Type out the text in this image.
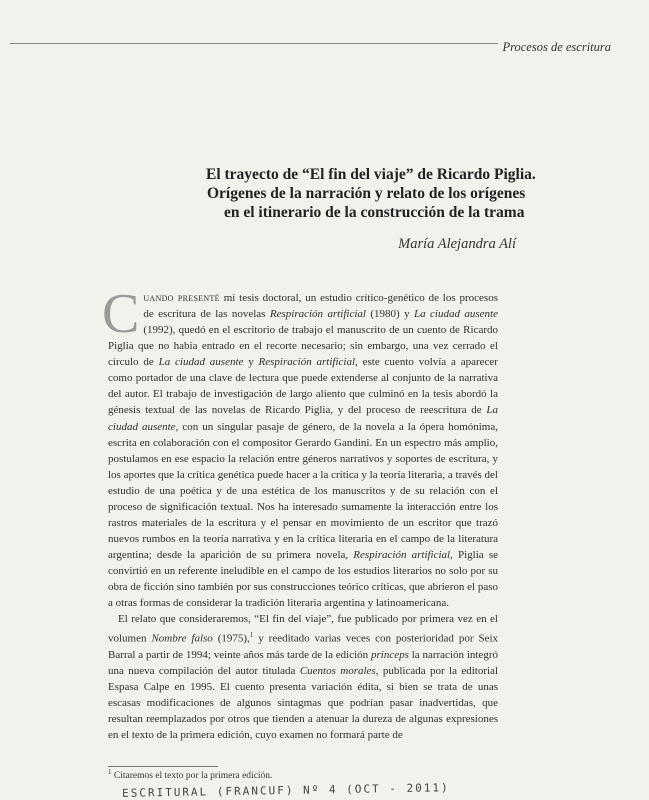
Procesos de escritura
El trayecto de “El fin del viaje” de Ricardo Piglia.
Orígenes de la narración y relato de los orígenes
en el itinerario de la construcción de la trama
María Alejandra Alí

Cuando presenté mi tesis doctoral, un estudio crítico-genético de los procesos de escritura de las novelas Respiración artificial (1980) y La ciudad ausente (1992), quedó en el escritorio de trabajo el manuscrito de un cuento de Ricardo Piglia que no había entrado en el recorte necesario; sin embargo, una vez cerrado el círculo de La ciudad ausente y Respiración artificial, este cuento volvía a aparecer como portador de una clave de lectura que puede extenderse al conjunto de la narrativa del autor. El trabajo de investigación de largo aliento que culminó en la tesis abordó la génesis textual de las novelas de Ricardo Piglia, y del proceso de reescritura de La ciudad ausente, con un singular pasaje de género, de la novela a la ópera homónima, escrita en colaboración con el compositor Gerardo Gandini. En un espectro más amplio, postulamos en ese espacio la relación entre géneros narrativos y soportes de escritura, y los aportes que la crítica genética puede hacer a la crítica y la teoría literaria, a través del estudio de una poética y de una estética de los manuscritos y de su relación con el proceso de significación textual. Nos ha interesado sumamente la interacción entre los rastros materiales de la escritura y el pensar en movimiento de un escritor que trazó nuevos rumbos en la teoría narrativa y en la crítica literaria en el campo de la literatura argentina; desde la aparición de su primera novela, Respiración artificial, Piglia se convirtió en un referente ineludible en el campo de los estudios literarios no solo por su obra de ficción sino también por sus construcciones teórico críticas, que abrieron el paso a otras formas de considerar la tradición literaria argentina y latinoamericana.

El relato que consideraremos, “El fin del viaje”, fue publicado por primera vez en el volumen Nombre falso (1975),$^1$ y reeditado varias veces con posterioridad por Seix Barral a partir de 1994; veinte años más tarde de la edición princeps la narración integró una nueva compilación del autor titulada Cuentos morales, publicada por la editorial Espasa Calpe en 1995. El cuento presenta variación édita, si bien se trata de unas escasas modificaciones de algunos sintagmas que podrían pasar inadvertidas, que resultan reemplazados por otros que tienden a atenuar la dureza de algunas expresiones en el texto de la primera edición, cuyo examen no formará parte de

$^1$ Citaremos el texto por la primera edición.
ESCRITURAL (FRANCUF) Nº 4 (OCT - 2011)
